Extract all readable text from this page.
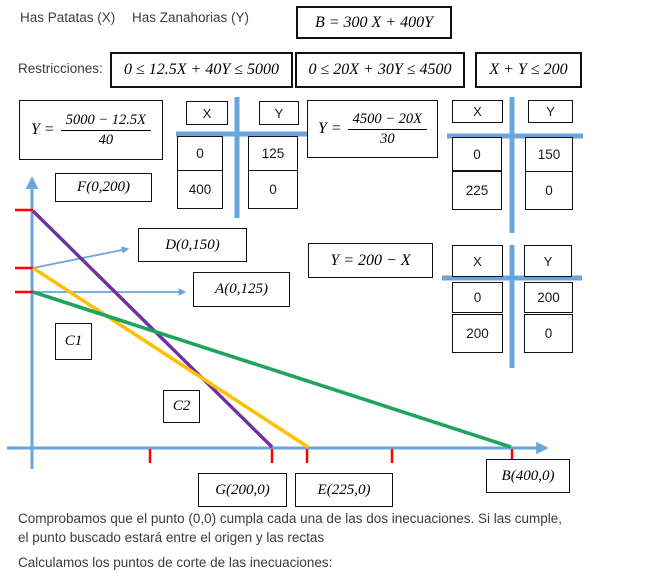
Has Patatas (X) Has Zanahorias (Y)	B = 300 X + 400Y
Restricciones: 0 ≤ 12.5X + 40Y ≤ 5000 0 ≤ 20X + 30Y ≤ 4500 X + Y ≤ 200
$Y = \frac{5000 - 12.5X}{40}$	$Y = \frac{4500 - 20X}{30}$
Y = 200 − X
X	Y
0	125
400	0
X	Y
0	150
225	0
X	Y
0	200
200	0
F(0,200)
D(0,150)
A(0,125)
C1
C2
G(200,0)	E(225,0)
B(400,0)
Comprobamos que el punto (0,0) cumpla cada una de las dos inecuaciones. Si las cumple,
el punto buscado estará entre el origen y las rectas
Calculamos los puntos de corte de las inecuaciones:
